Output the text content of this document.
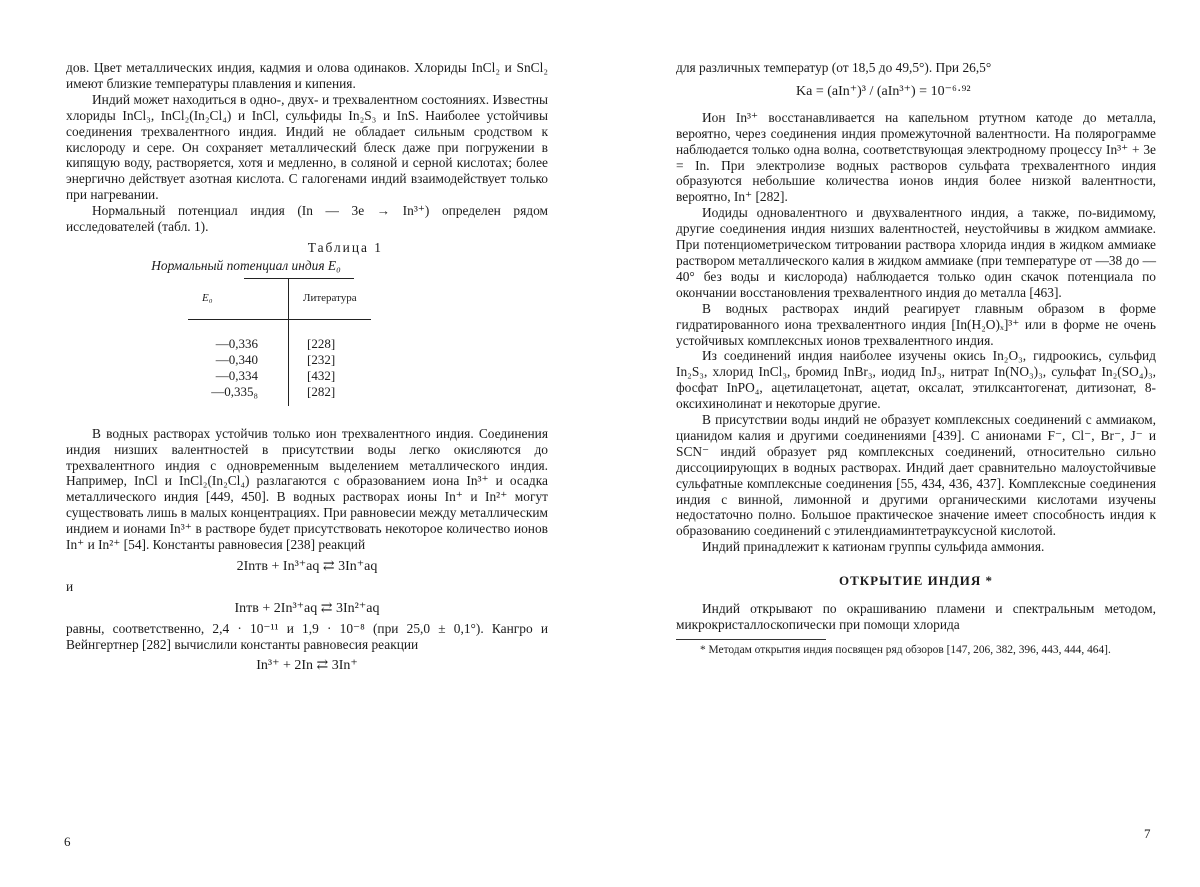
дов. Цвет металлических индия, кадмия и олова одинаков. Хлориды InCl₂ и SnCl₂ имеют близкие температуры плавления и кипения.

Индий может находиться в одно-, двух- и трехвалентном состояниях. Известны хлориды InCl₃, InCl₂(In₂Cl₄) и InCl, сульфиды In₂S₃ и InS. Наиболее устойчивы соединения трехвалентного индия. Индий не обладает сильным сродством к кислороду и сере. Он сохраняет металлический блеск даже при погружении в кипящую воду, растворяется, хотя и медленно, в соляной и серной кислотах; более энергично действует азотная кислота. С галогенами индий взаимодействует только при нагревании.

Нормальный потенциал индия (In — 3e → In³⁺) определен рядом исследователей (табл. 1).

Таблица 1
Нормальный потенциал индия E₀
E₀	Литература

—0,336	[228]
—0,340	[232]
—0,334	[432]
—0,335₈	[282]

В водных растворах устойчив только ион трехвалентного индия. Соединения индия низших валентностей в присутствии воды легко окисляются до трехвалентного индия с одновременным выделением металлического индия. Например, InCl и InCl₂(In₂Cl₄) разлагаются с образованием иона In³⁺ и осадка металлического индия [449, 450]. В водных растворах ионы In⁺ и In²⁺ могут существовать лишь в малых концентрациях. При равновесии между металлическим индием и ионами In³⁺ в растворе будет присутствовать некоторое количество ионов In⁺ и In²⁺ [54]. Константы равновесия [238] реакций

2Inтв + In³⁺aq ⇄ 3In⁺aq
и
Inтв + 2In³⁺aq ⇄ 3In²⁺aq

равны, соответственно, 2,4 · 10⁻¹¹ и 1,9 · 10⁻⁸ (при 25,0 ± 0,1°). Кангро и Вейнгертнер [282] вычислили константы равновесия реакции

In³⁺ + 2In ⇄ 3In⁺
6

для различных температур (от 18,5 до 49,5°). При 26,5°

Ka = (aIn⁺)³ / (aIn³⁺) = 10⁻⁶·⁹²

Ион In³⁺ восстанавливается на капельном ртутном катоде до металла, вероятно, через соединения индия промежуточной валентности. На полярограмме наблюдается только одна волна, соответствующая электродному процессу In³⁺ + 3e = In. При электролизе водных растворов сульфата трехвалентного индия образуются небольшие количества ионов индия более низкой валентности, вероятно, In⁺ [282].

Иодиды одновалентного и двухвалентного индия, а также, по-видимому, другие соединения индия низших валентностей, неустойчивы в жидком аммиаке. При потенциометрическом титровании раствора хлорида индия в жидком аммиаке раствором металлического калия в жидком аммиаке (при температуре от —38 до —40° без воды и кислорода) наблюдается только один скачок потенциала по окончании восстановления трехвалентного индия до металла [463].

В водных растворах индий реагирует главным образом в форме гидратированного иона трехвалентного индия [In(H₂O)ₓ]³⁺ или в форме не очень устойчивых комплексных ионов трехвалентного индия.

Из соединений индия наиболее изучены окись In₂O₃, гидроокись, сульфид In₂S₃, хлорид InCl₃, бромид InBr₃, иодид InJ₃, нитрат In(NO₃)₃, сульфат In₂(SO₄)₃, фосфат InPO₄, ацетилацетонат, ацетат, оксалат, этилксантогенат, дитизонат, 8-оксихинолинат и некоторые другие.

В присутствии воды индий не образует комплексных соединений с аммиаком, цианидом калия и другими соединениями [439]. С анионами F⁻, Cl⁻, Br⁻, J⁻ и SCN⁻ индий образует ряд комплексных соединений, относительно сильно диссоциирующих в водных растворах. Индий дает сравнительно малоустойчивые сульфатные комплексные соединения [55, 434, 436, 437]. Комплексные соединения индия с винной, лимонной и другими органическими кислотами изучены недостаточно полно. Большое практическое значение имеет способность индия к образованию соединений с этилендиаминтетрауксусной кислотой.

Индий принадлежит к катионам группы сульфида аммония.

ОТКРЫТИЕ ИНДИЯ *

Индий открывают по окрашиванию пламени и спектральным методом, микрокристаллоскопически при помощи хлорида

* Методам открытия индия посвящен ряд обзоров [147, 206, 382, 396, 443, 444, 464].

7
